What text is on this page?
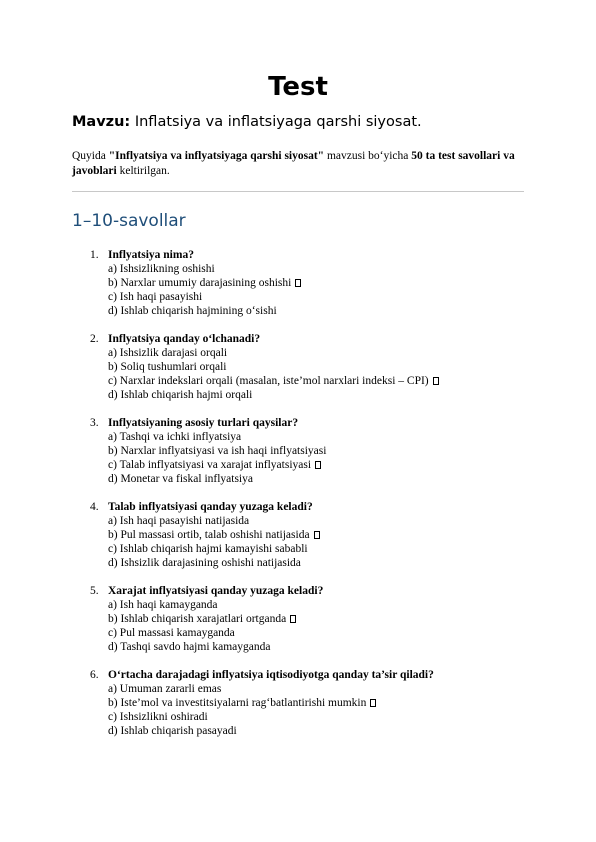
Test

Mavzu: Inflatsiya va inflatsiyaga qarshi siyosat.

Quyida "Inflyatsiya va inflyatsiyaga qarshi siyosat" mavzusi bo‘yicha 50 ta test savollari va javoblari keltirilgan.

1–10-savollar
1. Inflyatsiya nima?
a) Ishsizlikning oshishi
b) Narxlar umumiy darajasining oshishi
c) Ish haqi pasayishi
d) Ishlab chiqarish hajmining o‘sishi
2. Inflyatsiya qanday o‘lchanadi?
a) Ishsizlik darajasi orqali
b) Soliq tushumlari orqali
c) Narxlar indekslari orqali (masalan, iste’mol narxlari indeksi – CPI)
d) Ishlab chiqarish hajmi orqali
3. Inflyatsiyaning asosiy turlari qaysilar?
a) Tashqi va ichki inflyatsiya
b) Narxlar inflyatsiyasi va ish haqi inflyatsiyasi
c) Talab inflyatsiyasi va xarajat inflyatsiyasi
d) Monetar va fiskal inflyatsiya
4. Talab inflyatsiyasi qanday yuzaga keladi?
a) Ish haqi pasayishi natijasida
b) Pul massasi ortib, talab oshishi natijasida
c) Ishlab chiqarish hajmi kamayishi sababli
d) Ishsizlik darajasining oshishi natijasida
5. Xarajat inflyatsiyasi qanday yuzaga keladi?
a) Ish haqi kamayganda
b) Ishlab chiqarish xarajatlari ortganda
c) Pul massasi kamayganda
d) Tashqi savdo hajmi kamayganda
6. O‘rtacha darajadagi inflyatsiya iqtisodiyotga qanday ta’sir qiladi?
a) Umuman zararli emas
b) Iste’mol va investitsiyalarni rag‘batlantirishi mumkin
c) Ishsizlikni oshiradi
d) Ishlab chiqarish pasayadi
